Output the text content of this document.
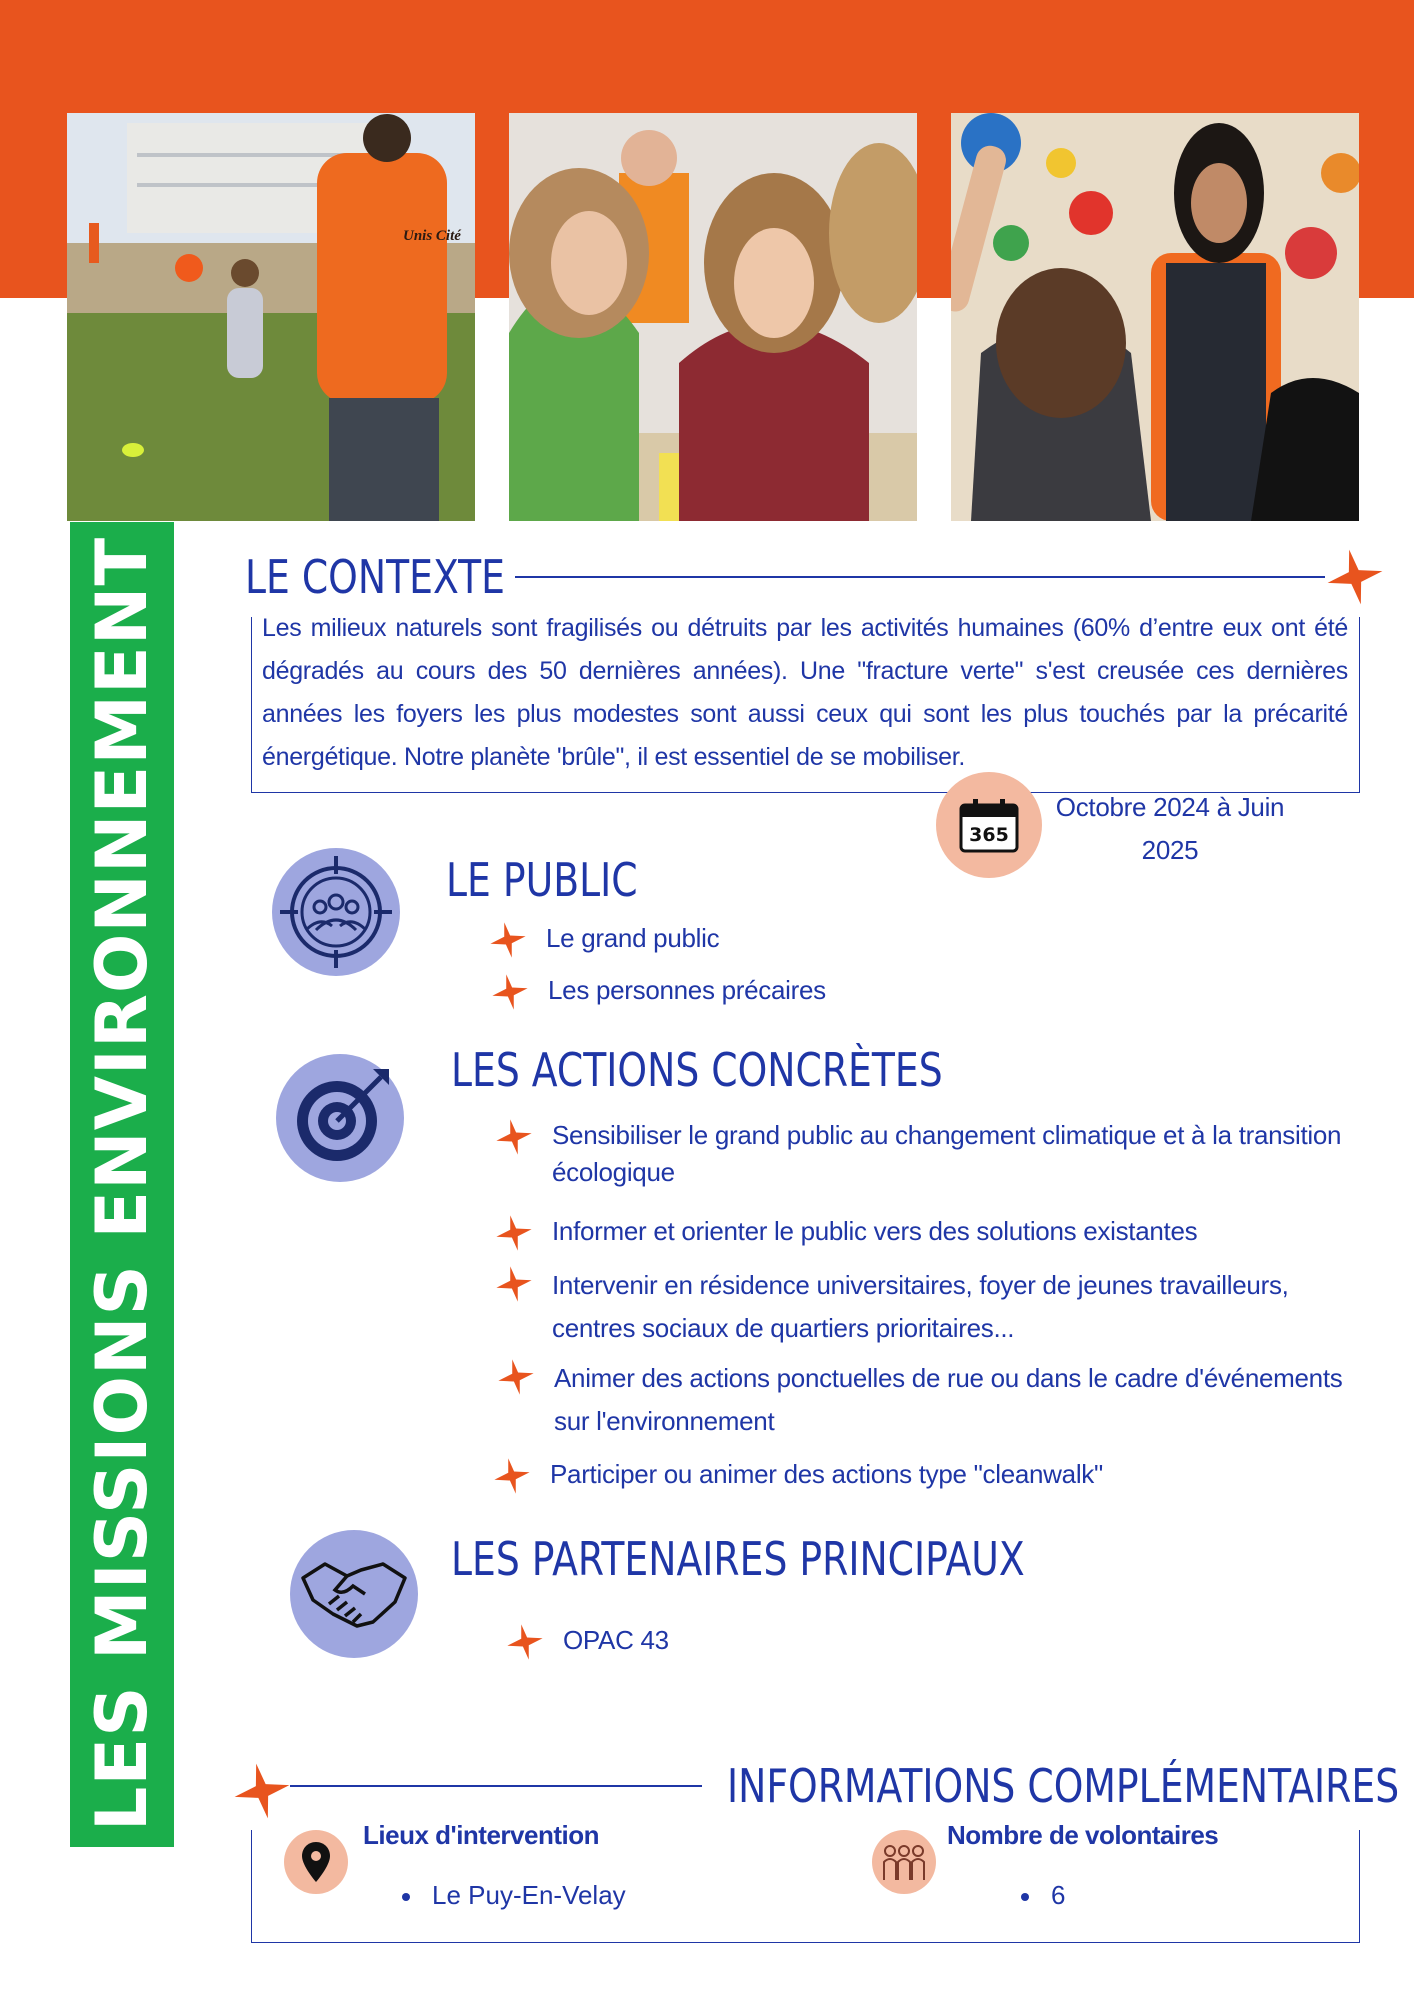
Unis Cité
LES MISSIONS ENVIRONNEMENT LE CONTEXTE
Les milieux naturels sont fragilisés ou détruits par les activités humaines (60% d’entre eux ont été dégradés au cours des 50 dernières années). Une "fracture verte" s'est creusée ces dernières années les foyers les plus modestes sont aussi ceux qui sont les plus touchés par la précarité énergétique. Notre planète 'brûle", il est essentiel de se mobiliser.
365
Octobre 2024 à Juin 2025
LE PUBLIC
Le grand public
Les personnes précaires
LES ACTIONS CONCRÈTES
Sensibiliser le grand public au changement climatique et à la transition écologique
Informer et orienter le public vers des solutions existantes
Intervenir en résidence universitaires, foyer de jeunes travailleurs, centres sociaux de quartiers prioritaires...
Animer des actions ponctuelles de rue ou dans le cadre d'événements sur l'environnement
Participer ou animer des actions type "cleanwalk"
LES PARTENAIRES PRINCIPAUX
OPAC 43
INFORMATIONS COMPLÉMENTAIRES
Lieux d'intervention
Le Puy-En-Velay
Nombre de volontaires
6
